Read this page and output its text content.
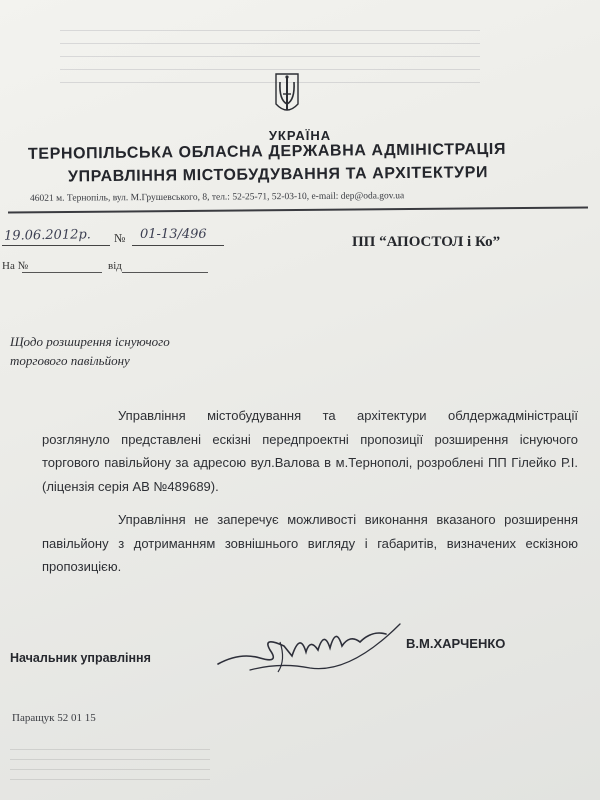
УКРАЇНА
ТЕРНОПІЛЬСЬКА ОБЛАСНА ДЕРЖАВНА АДМІНІСТРАЦІЯ
УПРАВЛІННЯ МІСТОБУДУВАННЯ ТА АРХІТЕКТУРИ
46021 м. Тернопіль, вул. М.Грушевського, 8, тел.: 52-25-71, 52-03-10, e-mail: dep@oda.gov.ua
19.06.2012р. № 01-13/496
На №	від
ПП “АПОСТОЛ і Ко”
Щодо розширення існуючого
торгового павільйону

Управління містобудування та архітектури облдержадміністрації розглянуло представлені ескізні передпроектні пропозиції розширення існуючого торгового павільйону за адресою вул.Валова в м.Тернополі, розроблені ПП Гілейко Р.І. (ліцензія серія АВ №489689).

Управління не заперечує можливості виконання вказаного розширення павільйону з дотриманням зовнішнього вигляду і габаритів, визначених ескізною пропозицією.

Начальник управління
В.М.ХАРЧЕНКО
Паращук 52 01 15
